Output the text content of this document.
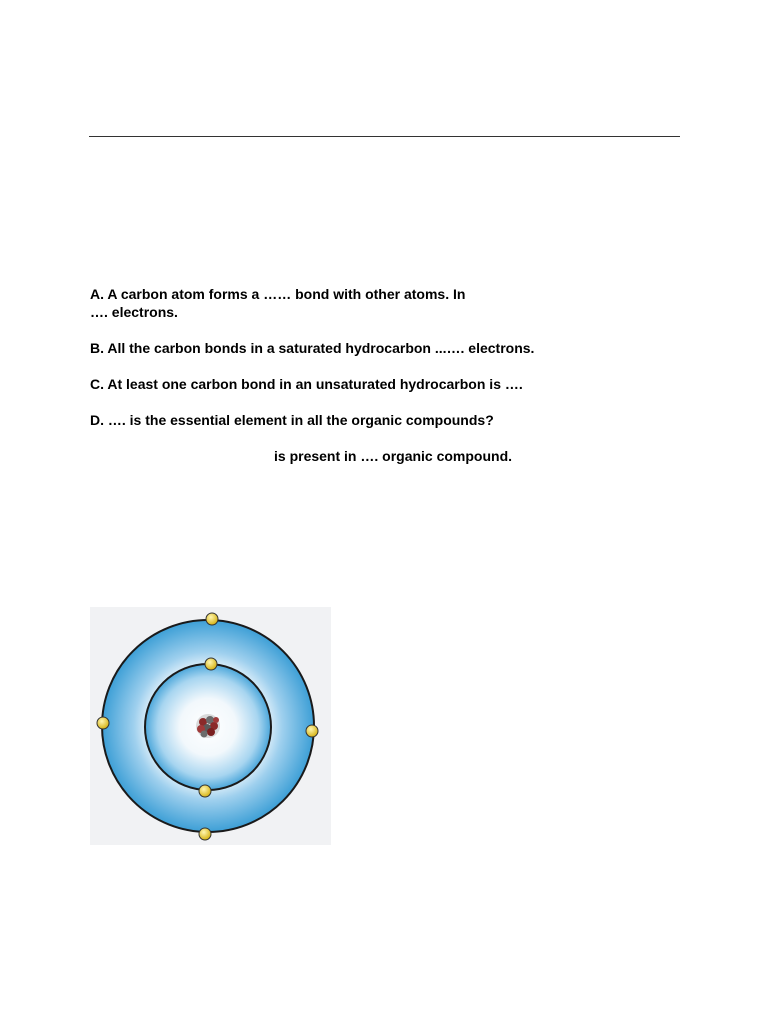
A. A carbon atom forms a …… bond with other atoms. In
…. electrons.
B. All the carbon bonds in a saturated hydrocarbon ...…. electrons.
C. At least one carbon bond in an unsaturated hydrocarbon is ….
D. …. is the essential element in all the organic compounds?
is present in …. organic compound.
